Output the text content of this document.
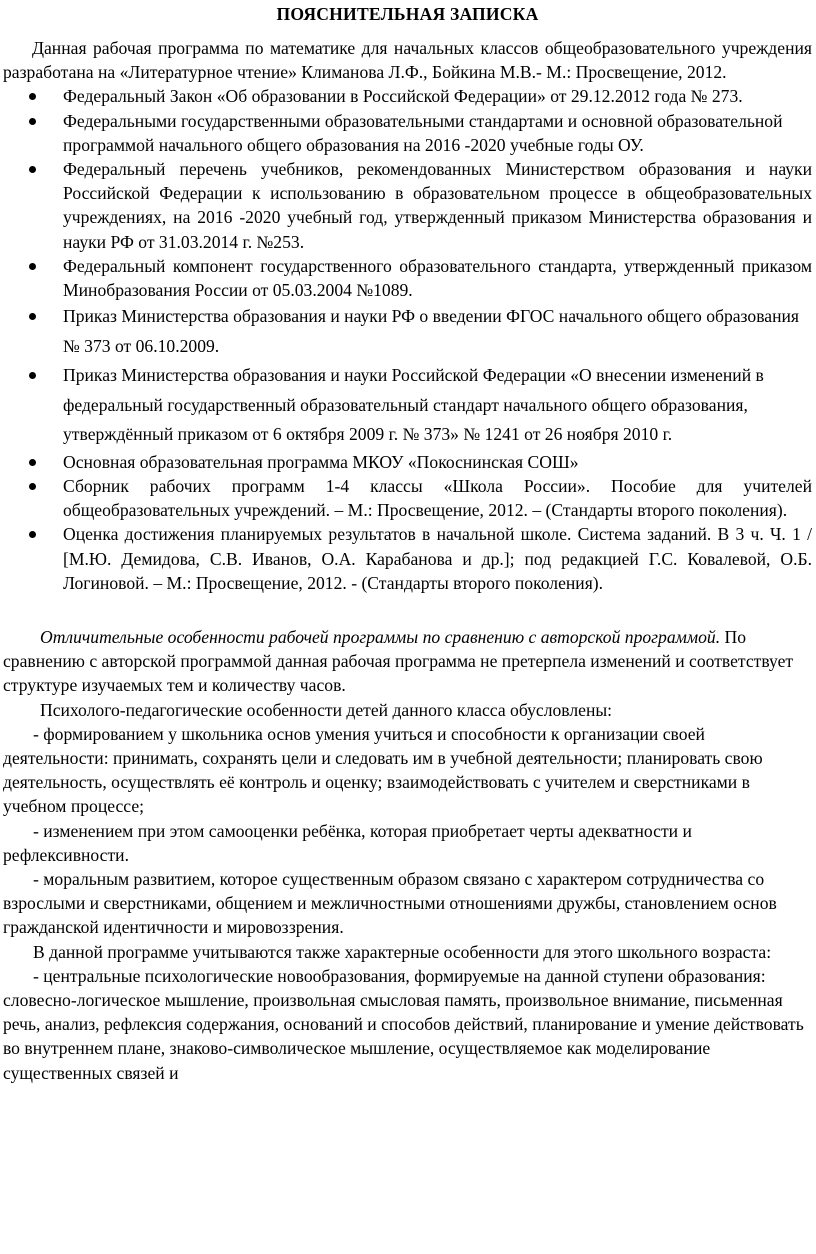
ПОЯСНИТЕЛЬНАЯ ЗАПИСКА

Данная рабочая программа по математике для начальных классов общеобразовательного учреждения разработана на «Литературное чтение» Климанова Л.Ф., Бойкина М.В.- М.: Просвещение, 2012.

Федеральный Закон «Об образовании в Российской Федерации» от 29.12.2012 года № 273.
Федеральными государственными образовательными стандартами и основной образовательной программой начального общего образования на 2016 -2020 учебные годы ОУ.
Федеральный перечень учебников, рекомендованных Министерством образования и науки Российской Федерации к использованию в образовательном процессе в общеобразовательных учреждениях, на 2016 -2020 учебный год, утвержденный приказом Министерства образования и науки РФ от 31.03.2014 г. №253.
Федеральный компонент государственного образовательного стандарта, утвержденный приказом Минобразования России от 05.03.2004 №1089.
Приказ Министерства образования и науки РФ о введении ФГОС начального общего образования № 373 от 06.10.2009.
Приказ Министерства образования и науки Российской Федерации «О внесении изменений в федеральный государственный образовательный стандарт начального общего образования, утверждённый приказом от 6 октября 2009 г. № 373» № 1241 от 26 ноября 2010 г.
Основная образовательная программа МКОУ «Покоснинская СОШ»
Сборник рабочих программ 1-4 классы «Школа России». Пособие для учителей общеобразовательных учреждений. – М.: Просвещение, 2012. – (Стандарты второго поколения).
Оценка достижения планируемых результатов в начальной школе. Система заданий. В 3 ч. Ч. 1 / [М.Ю. Демидова, С.В. Иванов, О.А. Карабанова и др.]; под редакцией Г.С. Ковалевой, О.Б. Логиновой. – М.: Просвещение, 2012. - (Стандарты второго поколения).

Отличительные особенности рабочей программы по сравнению с авторской программой. По сравнению с авторской программой данная рабочая программа не претерпела изменений и соответствует структуре изучаемых тем и количеству часов.

Психолого-педагогические особенности детей данного класса обусловлены:

- формированием у школьника основ умения учиться и способности к организации своей деятельности: принимать, сохранять цели и следовать им в учебной деятельности; планировать свою деятельность, осуществлять её контроль и оценку; взаимодействовать с учителем и сверстниками в учебном процессе;

- изменением при этом самооценки ребёнка, которая приобретает черты адекватности и рефлексивности.

- моральным развитием, которое существенным образом связано с характером сотрудничества со взрослыми и сверстниками, общением и межличностными отношениями дружбы, становлением основ гражданской идентичности и мировоззрения.

В данной программе учитываются также характерные особенности для этого школьного возраста:

- центральные психологические новообразования, формируемые на данной ступени образования: словесно-логическое мышление, произвольная смысловая память, произвольное внимание, письменная речь, анализ, рефлексия содержания, оснований и способов действий, планирование и умение действовать во внутреннем плане, знаково-символическое мышление, осуществляемое как моделирование существенных связей и
